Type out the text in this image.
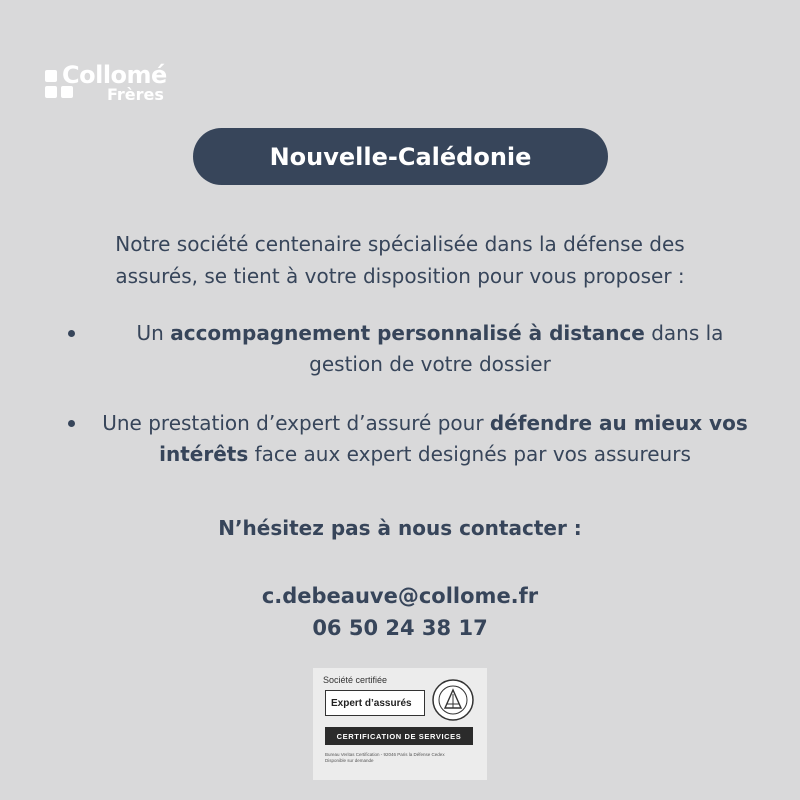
Collomé
Frères
Nouvelle-Calédonie

Notre société centenaire spécialisée dans la défense des
assurés, se tient à votre disposition pour vous proposer :

Un accompagnement personnalisé à distance dans la gestion de votre dossier
Une prestation d’expert d’assuré pour défendre au mieux vos intérêts face aux expert designés par vos assureurs

N’hésitez pas à nous contacter :

c.debeauve@collome.fr
06 50 24 38 17
Société certifiée
Expert d’assurés
CERTIFICATION DE SERVICES
Bureau Veritas Certification - 92046 Paris la Défense Cedex
Disponible sur demande
